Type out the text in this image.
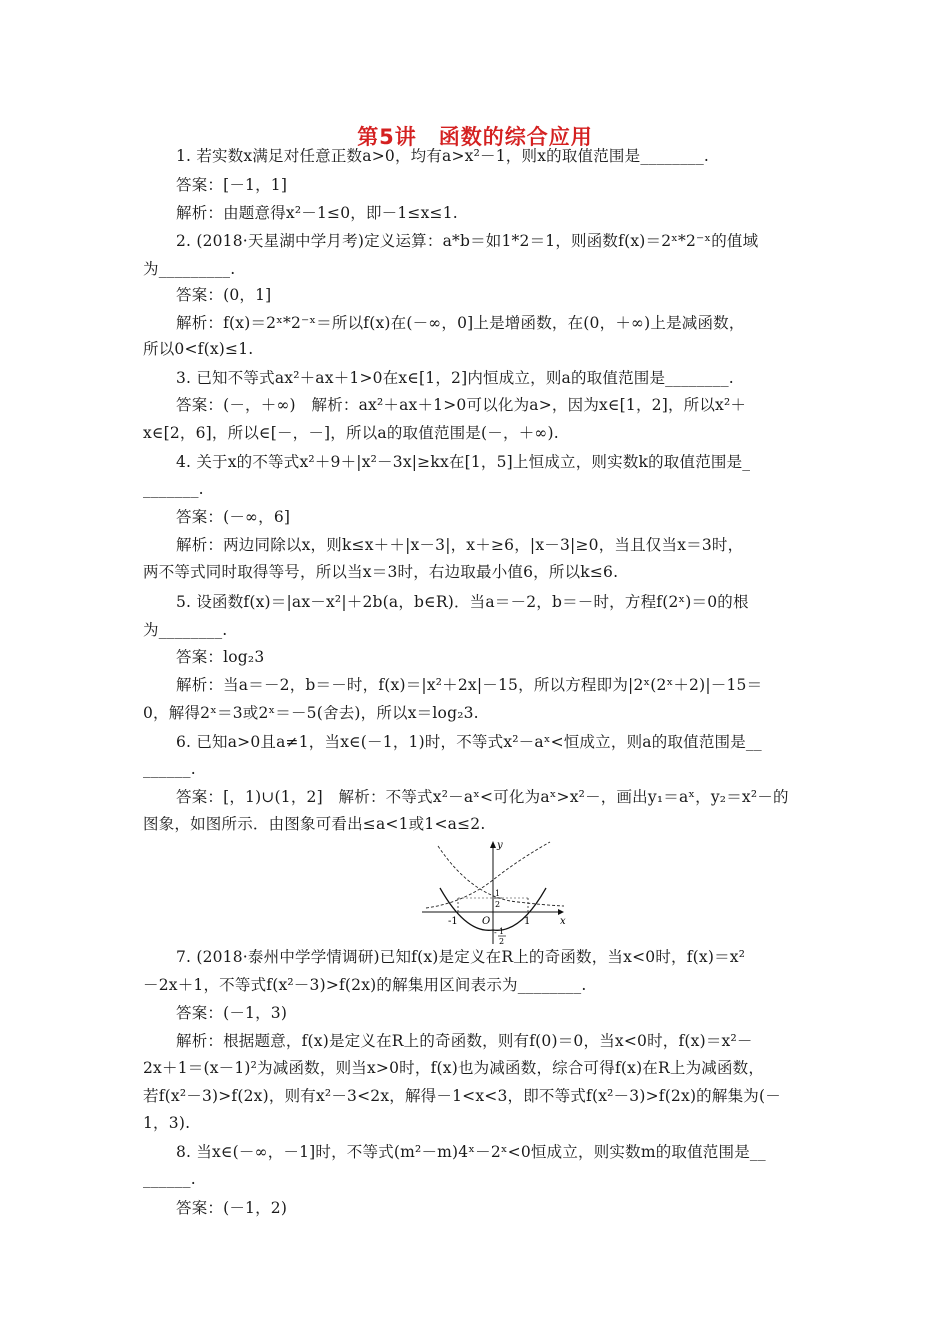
第5讲　函数的综合应用
1. 若实数x满足对任意正数a>0，均有a>x²－1，则x的取值范围是________.
答案：[－1，1]
解析：由题意得x²－1≤0，即－1≤x≤1.
2. (2018·天星湖中学月考)定义运算：a*b＝如1*2＝1，则函数f(x)＝2ˣ*2⁻ˣ的值域
为_________.
答案：(0，1]
解析：f(x)＝2ˣ*2⁻ˣ＝所以f(x)在(－∞，0]上是增函数，在(0，＋∞)上是减函数，
所以0<f(x)≤1.
3. 已知不等式ax²＋ax＋1>0在x∈[1，2]内恒成立，则a的取值范围是________.
答案：(－，＋∞)　解析：ax²＋ax＋1>0可以化为a>，因为x∈[1，2]，所以x²＋
x∈[2，6]，所以∈[－，－]，所以a的取值范围是(－，＋∞).
4. 关于x的不等式x²＋9＋|x²－3x|≥kx在[1，5]上恒成立，则实数k的取值范围是_
_______.
答案：(－∞，6]
解析：两边同除以x，则k≤x＋＋|x－3|，x＋≥6，|x－3|≥0，当且仅当x＝3时，
两不等式同时取得等号，所以当x＝3时，右边取最小值6，所以k≤6.
5. 设函数f(x)＝|ax－x²|＋2b(a，b∈R)．当a＝－2，b＝－时，方程f(2ˣ)＝0的根
为________.
答案：log₂3
解析：当a＝－2，b＝－时，f(x)＝|x²＋2x|－15，所以方程即为|2ˣ(2ˣ＋2)|－15＝
0，解得2ˣ＝3或2ˣ＝－5(舍去)，所以x＝log₂3.
6. 已知a>0且a≠1，当x∈(－1，1)时，不等式x²－aˣ<恒成立，则a的取值范围是__
______.
答案：[，1)∪(1，2]　解析：不等式x²－aˣ<可化为aˣ>x²－，画出y₁＝aˣ，y₂＝x²－的
图象，如图所示．由图象可看出≤a<1或1<a≤2.
y
x
O
-1	1
1
2
- 1
2
7. (2018·泰州中学学情调研)已知f(x)是定义在R上的奇函数，当x<0时，f(x)＝x²
－2x＋1，不等式f(x²－3)>f(2x)的解集用区间表示为________.
答案：(－1，3)
解析：根据题意，f(x)是定义在R上的奇函数，则有f(0)＝0，当x<0时，f(x)＝x²－
2x＋1＝(x－1)²为减函数，则当x>0时，f(x)也为减函数，综合可得f(x)在R上为减函数，
若f(x²－3)>f(2x)，则有x²－3<2x，解得－1<x<3，即不等式f(x²－3)>f(2x)的解集为(－
1，3).
8. 当x∈(－∞，－1]时，不等式(m²－m)4ˣ－2ˣ<0恒成立，则实数m的取值范围是__
______.
答案：(－1，2)
